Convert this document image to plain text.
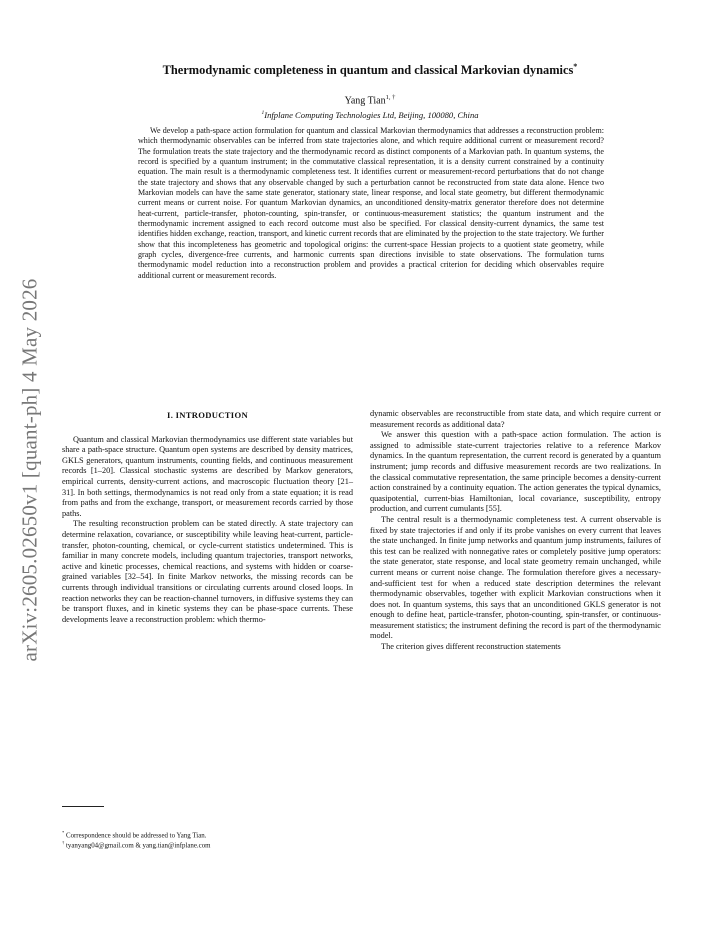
arXiv:2605.02650v1 [quant-ph] 4 May 2026
Thermodynamic completeness in quantum and classical Markovian dynamics*
Yang Tian$^{1, \dagger}$
$^1$Infplane Computing Technologies Ltd, Beijing, 100080, China

We develop a path-space action formulation for quantum and classical Markovian thermodynamics that addresses a reconstruction problem: which thermodynamic observables can be inferred from state trajectories alone, and which require additional current or measurement record? The formulation treats the state trajectory and the thermodynamic record as distinct components of a Markovian path. In quantum systems, the record is specified by a quantum instrument; in the commutative classical representation, it is a density current constrained by a continuity equation. The main result is a thermodynamic completeness test. It identifies current or measurement-record perturbations that do not change the state trajectory and shows that any observable changed by such a perturbation cannot be reconstructed from state data alone. Hence two Markovian models can have the same state generator, stationary state, linear response, and local state geometry, but different thermodynamic current means or current noise. For quantum Markovian dynamics, an unconditioned density-matrix generator therefore does not determine heat-current, particle-transfer, photon-counting, spin-transfer, or continuous-measurement statistics; the quantum instrument and the thermodynamic increment assigned to each record outcome must also be specified. For classical density-current dynamics, the same test identifies hidden exchange, reaction, transport, and kinetic current records that are eliminated by the projection to the state trajectory. We further show that this incompleteness has geometric and topological origins: the current-space Hessian projects to a quotient state geometry, while graph cycles, divergence-free currents, and harmonic currents span directions invisible to state observations. The formulation turns thermodynamic model reduction into a reconstruction problem and provides a practical criterion for deciding which observables require additional current or measurement records.

I. INTRODUCTION

Quantum and classical Markovian thermodynamics use different state variables but share a path-space structure. Quantum open systems are described by density matrices, GKLS generators, quantum instruments, counting fields, and continuous measurement records [1–20]. Classical stochastic systems are described by Markov generators, empirical currents, density-current actions, and macroscopic fluctuation theory [21–31]. In both settings, thermodynamics is not read only from a state equation; it is read from paths and from the exchange, transport, or measurement records carried by those paths.

The resulting reconstruction problem can be stated directly. A state trajectory can determine relaxation, covariance, or susceptibility while leaving heat-current, particle-transfer, photon-counting, chemical, or cycle-current statistics undetermined. This is familiar in many concrete models, including quantum trajectories, transport networks, active and kinetic processes, chemical reactions, and systems with hidden or coarse-grained variables [32–54]. In finite Markov networks, the missing records can be currents through individual transitions or circulating currents around closed loops. In reaction networks they can be reaction-channel turnovers, in diffusive systems they can be transport fluxes, and in kinetic systems they can be phase-space currents. These developments leave a reconstruction problem: which thermo-

dynamic observables are reconstructible from state data, and which require current or measurement records as additional data?

We answer this question with a path-space action formulation. The action is assigned to admissible state-current trajectories relative to a reference Markov dynamics. In the quantum representation, the current record is generated by a quantum instrument; jump records and diffusive measurement records are two realizations. In the classical commutative representation, the same principle becomes a density-current action constrained by a continuity equation. The action generates the typical dynamics, quasipotential, current-bias Hamiltonian, local covariance, susceptibility, entropy production, and current cumulants [55].

The central result is a thermodynamic completeness test. A current observable is fixed by state trajectories if and only if its probe vanishes on every current that leaves the state unchanged. In finite jump networks and quantum jump instruments, failures of this test can be realized with nonnegative rates or completely positive jump operators: the state generator, state response, and local state geometry remain unchanged, while current means or current noise change. The formulation therefore gives a necessary-and-sufficient test for when a reduced state description determines the relevant thermodynamic observables, together with explicit Markovian constructions when it does not. In quantum systems, this says that an unconditioned GKLS generator is not enough to define heat, particle-transfer, photon-counting, spin-transfer, or continuous-measurement statistics; the instrument defining the record is part of the thermodynamic model.

The criterion gives different reconstruction statements

* Correspondence should be addressed to Yang Tian.
† tyanyang04@gmail.com & yang.tian@infplane.com
